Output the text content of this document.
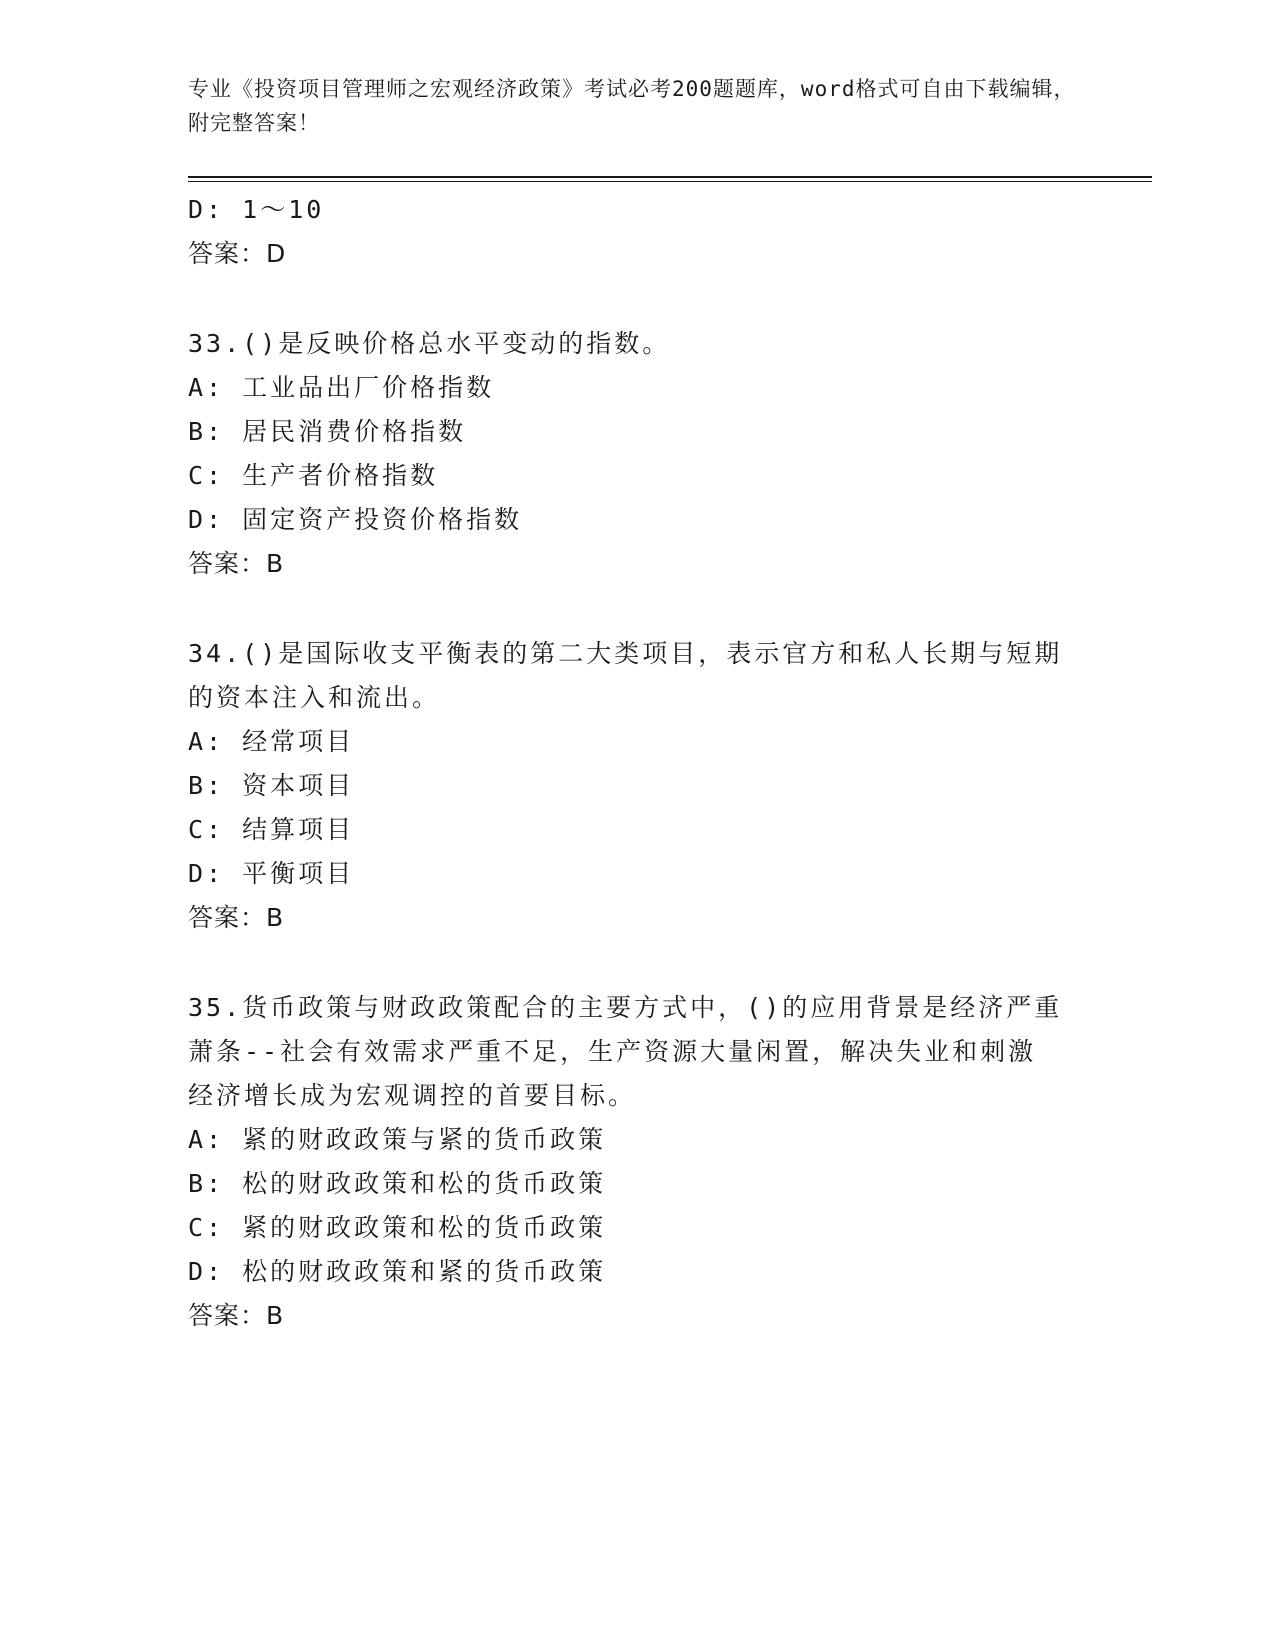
专业《投资项目管理师之宏观经济政策》考试必考200题题库，word格式可自由下载编辑，附完整答案！
D: 1～10
答案：D
33.()是反映价格总水平变动的指数。
A: 工业品出厂价格指数
B: 居民消费价格指数
C: 生产者价格指数
D: 固定资产投资价格指数
答案：B
34.()是国际收支平衡表的第二大类项目，表示官方和私人长期与短期
的资本注入和流出。
A: 经常项目
B: 资本项目
C: 结算项目
D: 平衡项目
答案：B
35.货币政策与财政政策配合的主要方式中，()的应用背景是经济严重
萧条--社会有效需求严重不足，生产资源大量闲置，解决失业和刺激
经济增长成为宏观调控的首要目标。
A: 紧的财政政策与紧的货币政策
B: 松的财政政策和松的货币政策
C: 紧的财政政策和松的货币政策
D: 松的财政政策和紧的货币政策
答案：B
